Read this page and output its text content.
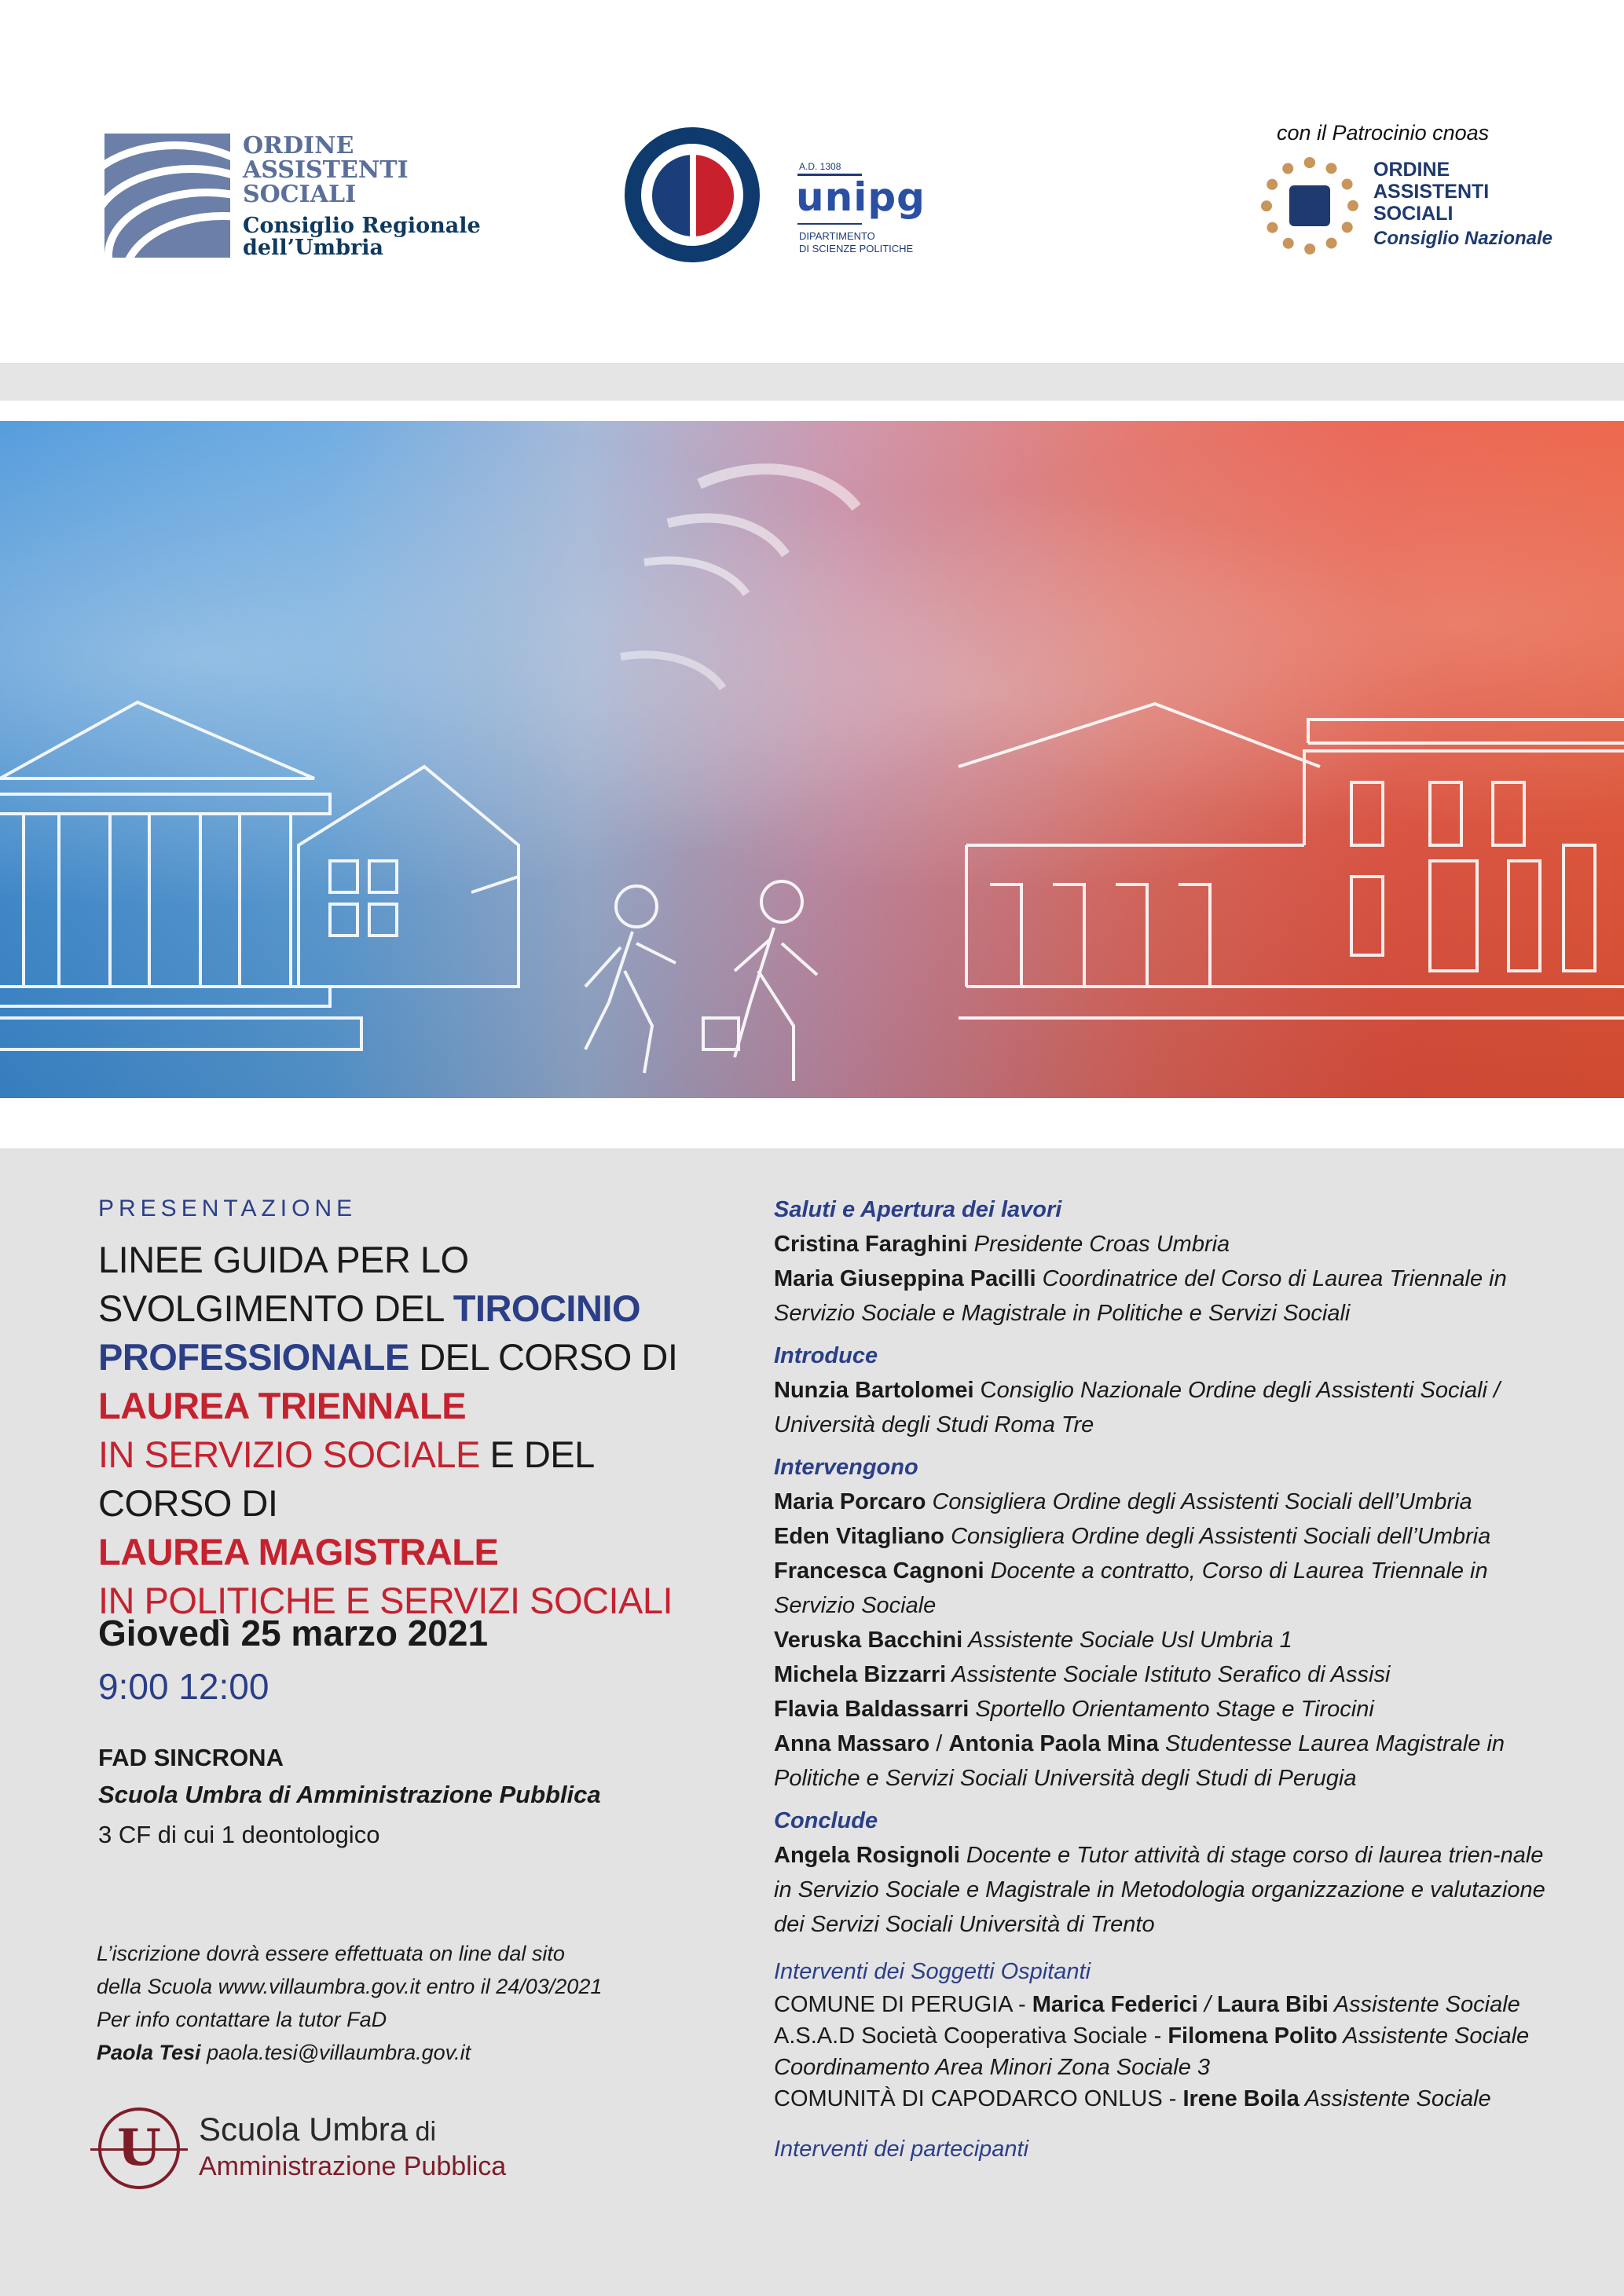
ORDINE
ASSISTENTI
SOCIALI
Consiglio Regionale
dell’Umbria
A.D. 1308
unipg
DIPARTIMENTO
DI SCIENZE POLITICHE
con il Patrocinio cnoas
ORDINE
ASSISTENTI
SOCIALI
Consiglio Nazionale
PRESENTAZIONE
LINEE GUIDA PER LO
SVOLGIMENTO DEL TIROCINIO
PROFESSIONALE DEL CORSO DI
LAUREA TRIENNALE
IN SERVIZIO SOCIALE E DEL CORSO DI
LAUREA MAGISTRALE
IN POLITICHE E SERVIZI SOCIALI
Giovedì 25 marzo 2021
9:00 12:00
FAD SINCRONA
Scuola Umbra di Amministrazione Pubblica
3 CF di cui 1 deontologico
L’iscrizione dovrà essere effettuata on line dal sito
della Scuola www.villaumbra.gov.it entro il 24/03/2021
Per info contattare la tutor FaD
Paola Tesi paola.tesi@villaumbra.gov.it
U	Scuola Umbra di
Amministrazione Pubblica
Saluti e Apertura dei lavori
Cristina Faraghini Presidente Croas Umbria
Maria Giuseppina Pacilli Coordinatrice del Corso di Laurea Triennale in Servizio Sociale e Magistrale in Politiche e Servizi Sociali
Introduce
Nunzia Bartolomei Consiglio Nazionale Ordine degli Assistenti Sociali / Università degli Studi Roma Tre
Intervengono
Maria Porcaro Consigliera Ordine degli Assistenti Sociali dell’Umbria
Eden Vitagliano Consigliera Ordine degli Assistenti Sociali dell’Umbria
Francesca Cagnoni Docente a contratto, Corso di Laurea Triennale in Servizio Sociale
Veruska Bacchini Assistente Sociale Usl Umbria 1
Michela Bizzarri Assistente Sociale Istituto Serafico di Assisi
Flavia Baldassarri Sportello Orientamento Stage e Tirocini
Anna Massaro / Antonia Paola Mina Studentesse Laurea Magistrale in Politiche e Servizi Sociali Università degli Studi di Perugia
Conclude
Angela Rosignoli Docente e Tutor attività di stage corso di laurea trien-nale in Servizio Sociale e Magistrale in Metodologia organizzazione e valutazione dei Servizi Sociali Università di Trento
Interventi dei Soggetti Ospitanti
COMUNE DI PERUGIA - Marica Federici / Laura Bibi Assistente Sociale
A.S.A.D Società Cooperativa Sociale - Filomena Polito Assistente Sociale
Coordinamento Area Minori Zona Sociale 3
COMUNITÀ DI CAPODARCO ONLUS - Irene Boila Assistente Sociale
Interventi dei partecipanti
